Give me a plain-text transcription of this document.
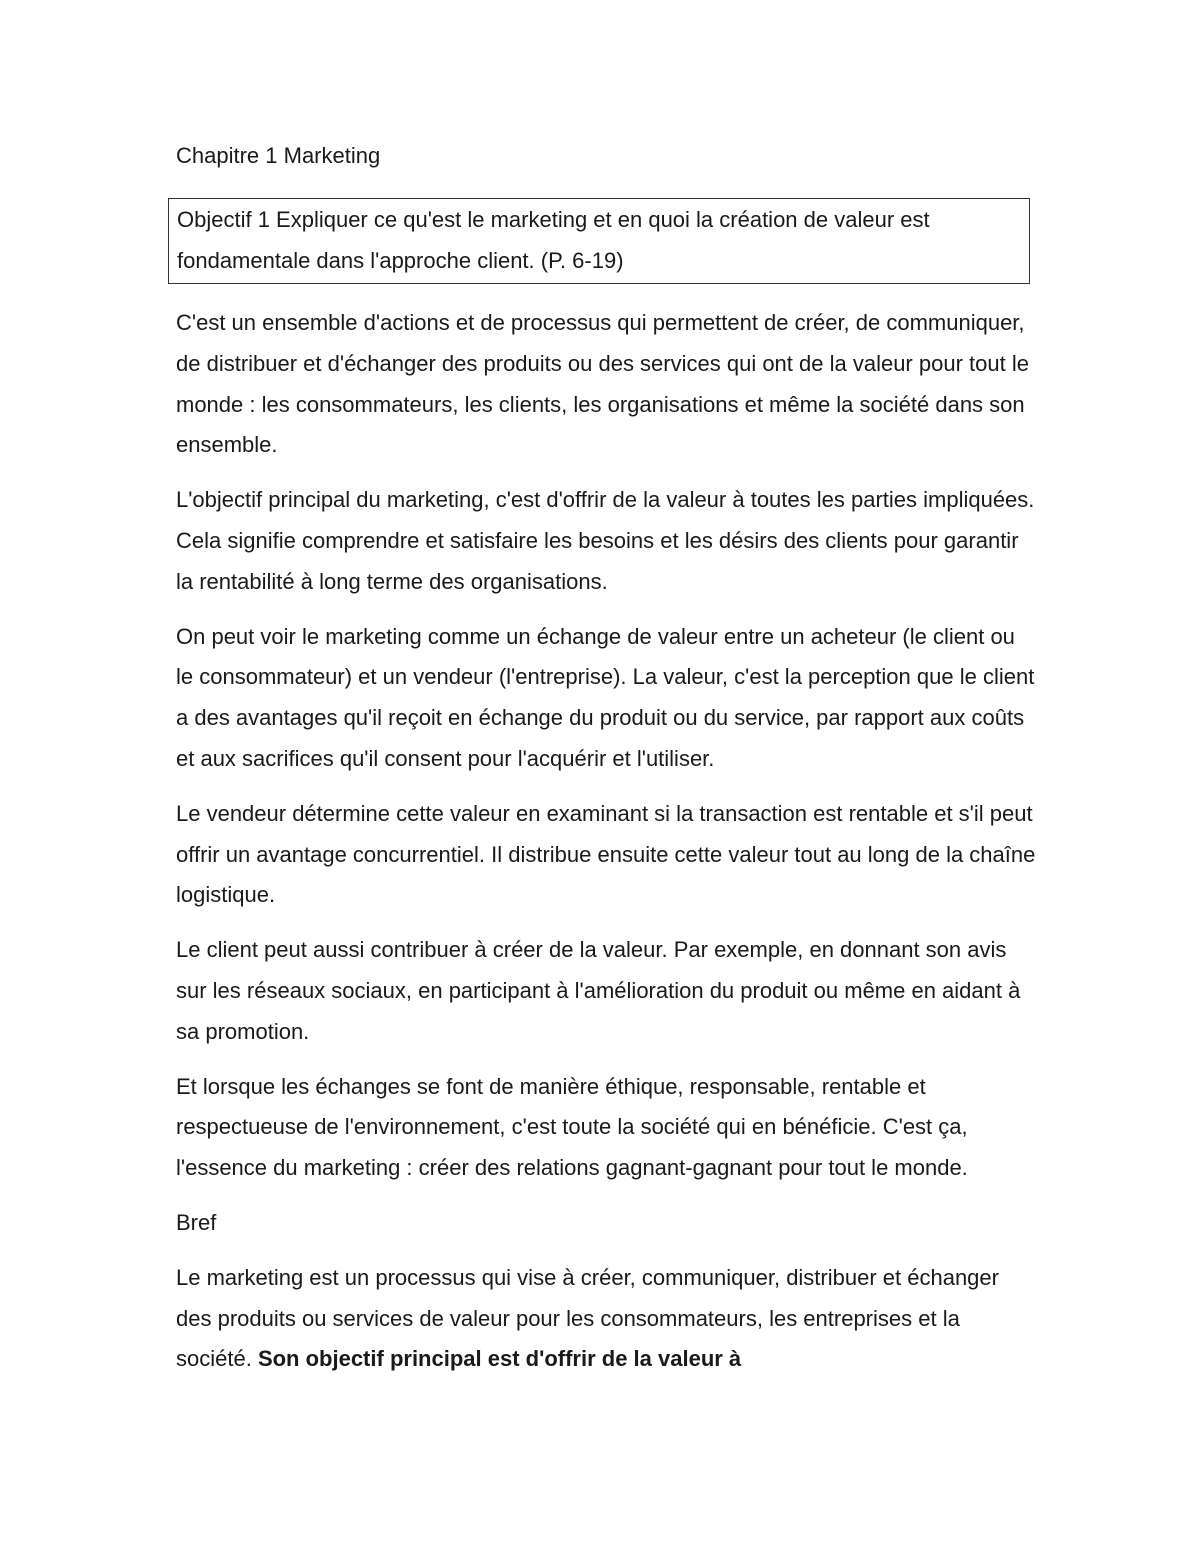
Chapitre 1 Marketing
Objectif 1 Expliquer ce qu'est le marketing et en quoi la création de valeur est fondamentale dans l'approche client. (P. 6-19)

C'est un ensemble d'actions et de processus qui permettent de créer, de communiquer, de distribuer et d'échanger des produits ou des services qui ont de la valeur pour tout le monde : les consommateurs, les clients, les organisations et même la société dans son ensemble.

L'objectif principal du marketing, c'est d'offrir de la valeur à toutes les parties impliquées. Cela signifie comprendre et satisfaire les besoins et les désirs des clients pour garantir la rentabilité à long terme des organisations.

On peut voir le marketing comme un échange de valeur entre un acheteur (le client ou le consommateur) et un vendeur (l'entreprise). La valeur, c'est la perception que le client a des avantages qu'il reçoit en échange du produit ou du service, par rapport aux coûts et aux sacrifices qu'il consent pour l'acquérir et l'utiliser.

Le vendeur détermine cette valeur en examinant si la transaction est rentable et s'il peut offrir un avantage concurrentiel. Il distribue ensuite cette valeur tout au long de la chaîne logistique.

Le client peut aussi contribuer à créer de la valeur. Par exemple, en donnant son avis sur les réseaux sociaux, en participant à l'amélioration du produit ou même en aidant à sa promotion.

Et lorsque les échanges se font de manière éthique, responsable, rentable et respectueuse de l'environnement, c'est toute la société qui en bénéficie. C'est ça, l'essence du marketing : créer des relations gagnant-gagnant pour tout le monde.

Bref

Le marketing est un processus qui vise à créer, communiquer, distribuer et échanger des produits ou services de valeur pour les consommateurs, les entreprises et la société. Son objectif principal est d'offrir de la valeur à
